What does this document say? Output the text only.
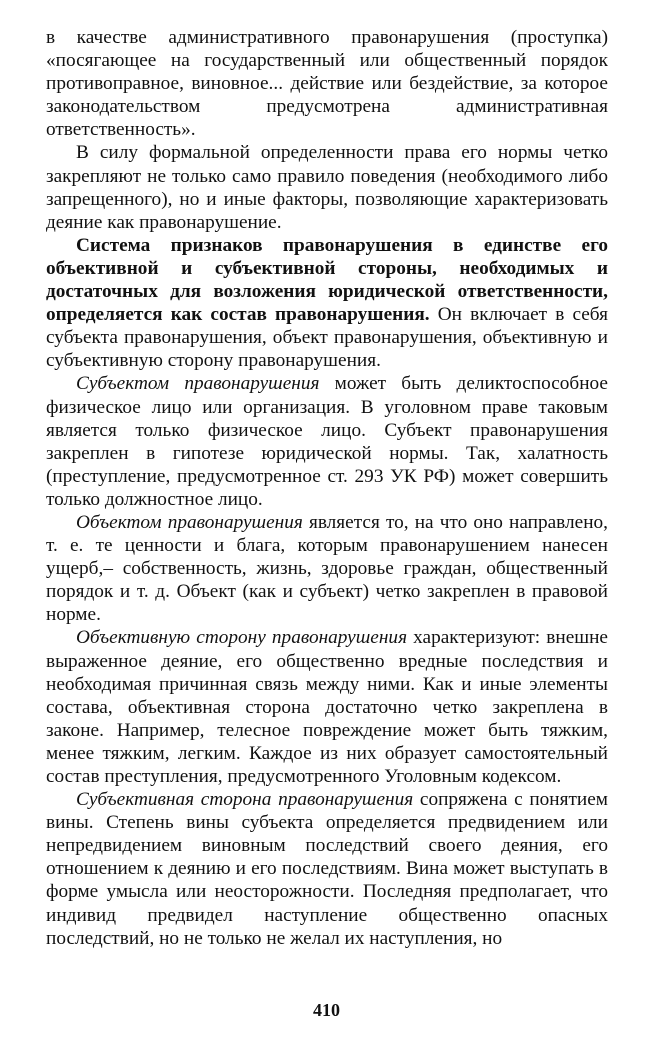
в качестве административного правонарушения (проступка) «посягающее на государственный или общественный порядок противоправное, виновное... действие или бездействие, за которое законодательством предусмотрена административная ответственность».

В силу формальной определенности права его нормы четко закрепляют не только само правило поведения (необходимого либо запрещенного), но и иные факторы, позволяющие характеризовать деяние как правонарушение.

Система признаков правонарушения в единстве его объективной и субъективной стороны, необходимых и достаточных для возложения юридической ответственности, определяется как состав правонарушения. Он включает в себя субъекта правонарушения, объект правонарушения, объективную и субъективную сторону правонарушения.

Субъектом правонарушения может быть деликтоспособное физическое лицо или организация. В уголовном праве таковым является только физическое лицо. Субъект правонарушения закреплен в гипотезе юридической нормы. Так, халатность (преступление, предусмотренное ст. 293 УК РФ) может совершить только должностное лицо.

Объектом правонарушения является то, на что оно направлено, т. е. те ценности и блага, которым правонарушением нанесен ущерб,– собственность, жизнь, здоровье граждан, общественный порядок и т. д. Объект (как и субъект) четко закреплен в правовой норме.

Объективную сторону правонарушения характеризуют: внешне выраженное деяние, его общественно вредные последствия и необходимая причинная связь между ними. Как и иные элементы состава, объективная сторона достаточно четко закреплена в законе. Например, телесное повреждение может быть тяжким, менее тяжким, легким. Каждое из них образует самостоятельный состав преступления, предусмотренного Уголовным кодексом.

Субъективная сторона правонарушения сопряжена с понятием вины. Степень вины субъекта определяется предвидением или непредвидением виновным последствий своего деяния, его отношением к деянию и его последствиям. Вина может выступать в форме умысла или неосторожности. Последняя предполагает, что индивид предвидел наступление общественно опасных последствий, но не только не желал их наступления, но

410
